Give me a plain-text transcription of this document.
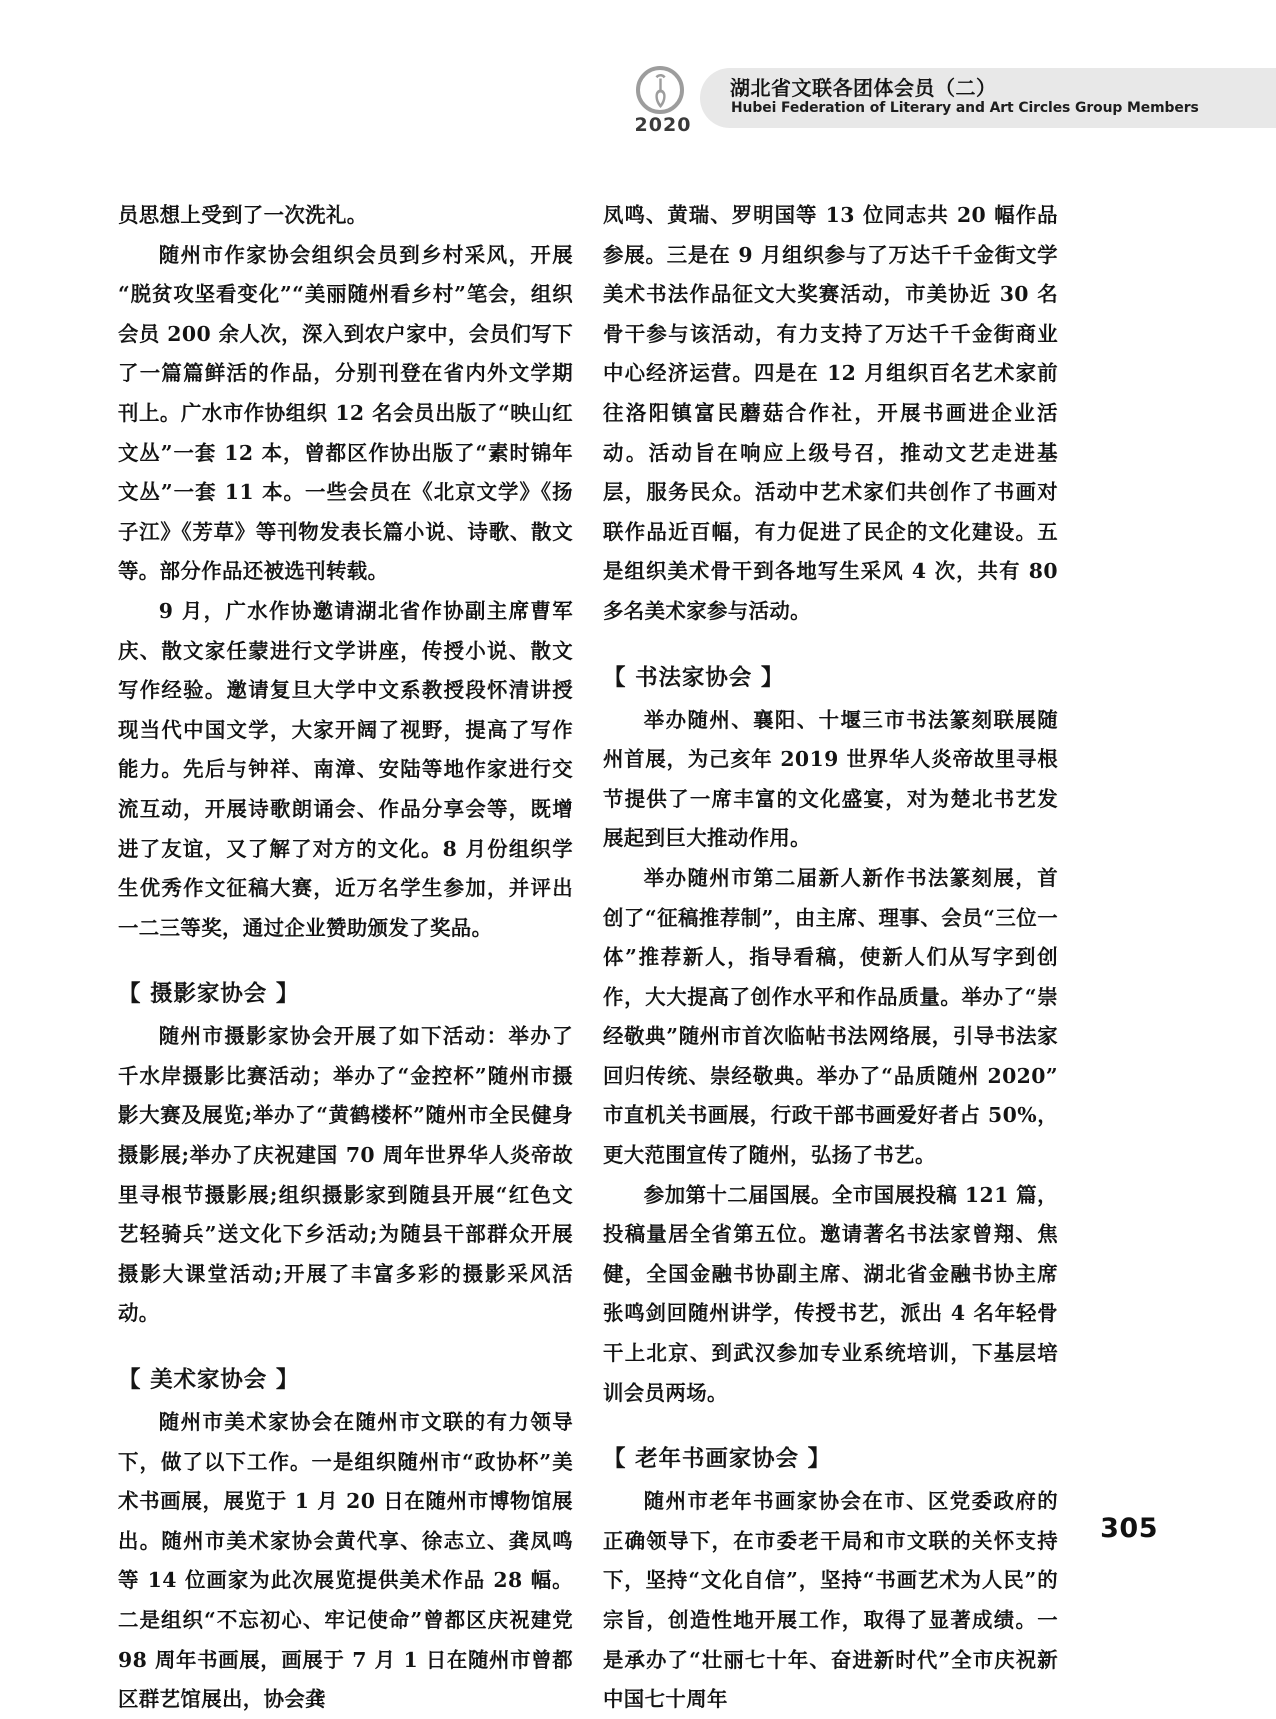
2020
湖北省文联各团体会员（二）
Hubei Federation of Literary and Art Circles Group Members

员思想上受到了一次洗礼。

随州市作家协会组织会员到乡村采风，开展“脱贫攻坚看变化”“美丽随州看乡村”笔会，组织会员 200 余人次，深入到农户家中，会员们写下了一篇篇鲜活的作品，分别刊登在省内外文学期刊上。广水市作协组织 12 名会员出版了“映山红文丛”一套 12 本，曾都区作协出版了“素时锦年文丛”一套 11 本。一些会员在《北京文学》《扬子江》《芳草》等刊物发表长篇小说、诗歌、散文等。部分作品还被选刊转载。

9 月，广水作协邀请湖北省作协副主席曹军庆、散文家任蒙进行文学讲座，传授小说、散文写作经验。邀请复旦大学中文系教授段怀清讲授现当代中国文学，大家开阔了视野，提高了写作能力。先后与钟祥、南漳、安陆等地作家进行交流互动，开展诗歌朗诵会、作品分享会等，既增进了友谊，又了解了对方的文化。8 月份组织学生优秀作文征稿大赛，近万名学生参加，并评出一二三等奖，通过企业赞助颁发了奖品。

【 摄影家协会 】

随州市摄影家协会开展了如下活动：举办了千水岸摄影比赛活动；举办了“金控杯”随州市摄影大赛及展览;举办了“黄鹤楼杯”随州市全民健身摄影展;举办了庆祝建国 70 周年世界华人炎帝故里寻根节摄影展;组织摄影家到随县开展“红色文艺轻骑兵”送文化下乡活动;为随县干部群众开展摄影大课堂活动;开展了丰富多彩的摄影采风活动。

【 美术家协会 】

随州市美术家协会在随州市文联的有力领导下，做了以下工作。一是组织随州市“政协杯”美术书画展，展览于 1 月 20 日在随州市博物馆展出。随州市美术家协会黄代享、徐志立、龚凤鸣等 14 位画家为此次展览提供美术作品 28 幅。二是组织“不忘初心、牢记使命”曾都区庆祝建党 98 周年书画展，画展于 7 月 1 日在随州市曾都区群艺馆展出，协会龚

凤鸣、黄瑞、罗明国等 13 位同志共 20 幅作品参展。三是在 9 月组织参与了万达千千金街文学美术书法作品征文大奖赛活动，市美协近 30 名骨干参与该活动，有力支持了万达千千金街商业中心经济运营。四是在 12 月组织百名艺术家前往洛阳镇富民蘑菇合作社，开展书画进企业活动。活动旨在响应上级号召，推动文艺走进基层，服务民众。活动中艺术家们共创作了书画对联作品近百幅，有力促进了民企的文化建设。五是组织美术骨干到各地写生采风 4 次，共有 80 多名美术家参与活动。

【 书法家协会 】

举办随州、襄阳、十堰三市书法篆刻联展随州首展，为己亥年 2019 世界华人炎帝故里寻根节提供了一席丰富的文化盛宴，对为楚北书艺发展起到巨大推动作用。

举办随州市第二届新人新作书法篆刻展，首创了“征稿推荐制”，由主席、理事、会员“三位一体”推荐新人，指导看稿，使新人们从写字到创作，大大提高了创作水平和作品质量。举办了“崇经敬典”随州市首次临帖书法网络展，引导书法家回归传统、崇经敬典。举办了“品质随州 2020”市直机关书画展，行政干部书画爱好者占 50%，更大范围宣传了随州，弘扬了书艺。

参加第十二届国展。全市国展投稿 121 篇，投稿量居全省第五位。邀请著名书法家曾翔、焦健，全国金融书协副主席、湖北省金融书协主席张鸣剑回随州讲学，传授书艺，派出 4 名年轻骨干上北京、到武汉参加专业系统培训，下基层培训会员两场。

【 老年书画家协会 】

随州市老年书画家协会在市、区党委政府的正确领导下，在市委老干局和市文联的关怀支持下，坚持“文化自信”，坚持“书画艺术为人民”的宗旨，创造性地开展工作，取得了显著成绩。一是承办了“壮丽七十年、奋进新时代”全市庆祝新中国七十周年

305
